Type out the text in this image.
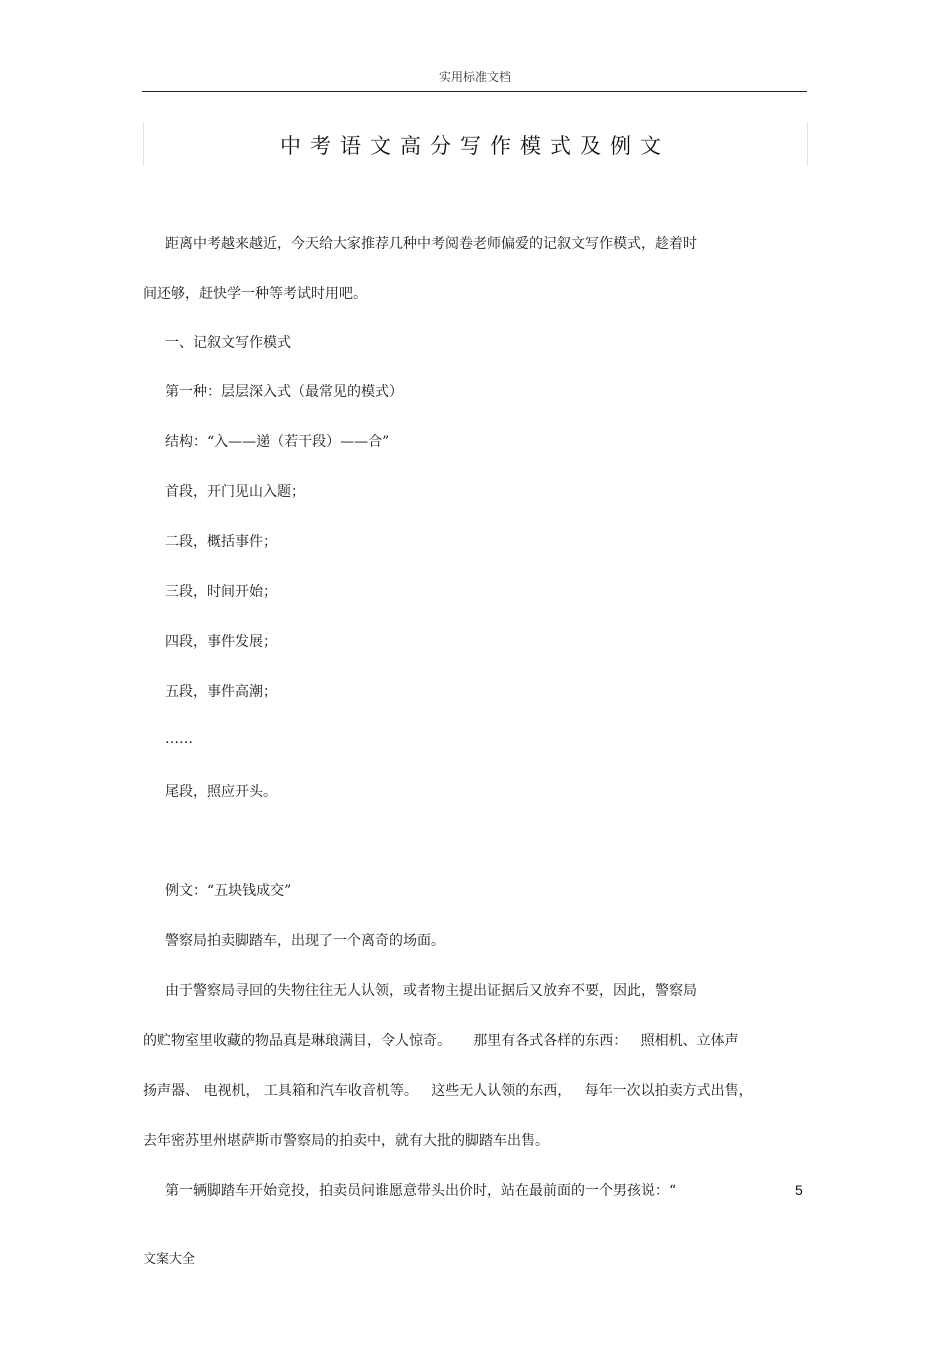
实用标准文档
中考语文高分写作模式及例文
距离中考越来越近，今天给大家推荐几种中考阅卷老师偏爱的记叙文写作模式，趁着时
间还够，赶快学一种等考试时用吧。
一、记叙文写作模式
第一种：层层深入式（最常见的模式）
结构：“入——递（若干段）——合”
首段，开门见山入题；
二段，概括事件；
三段，时间开始；
四段，事件发展；
五段，事件高潮；
……
尾段，照应开头。
例文：“五块钱成交”
警察局拍卖脚踏车，出现了一个离奇的场面。
由于警察局寻回的失物往往无人认领，或者物主提出证据后又放弃不要，因此，警察局
的贮物室里收藏的物品真是琳琅满目，令人惊奇。     那里有各式各样的东西：   照相机、立体声
扬声器、 电视机， 工具箱和汽车收音机等。   这些无人认领的东西，   每年一次以拍卖方式出售，
去年密苏里州堪萨斯市警察局的拍卖中，就有大批的脚踏车出售。
第一辆脚踏车开始竞投，拍卖员问谁愿意带头出价时，站在最前面的一个男孩说：“	5
文案大全
